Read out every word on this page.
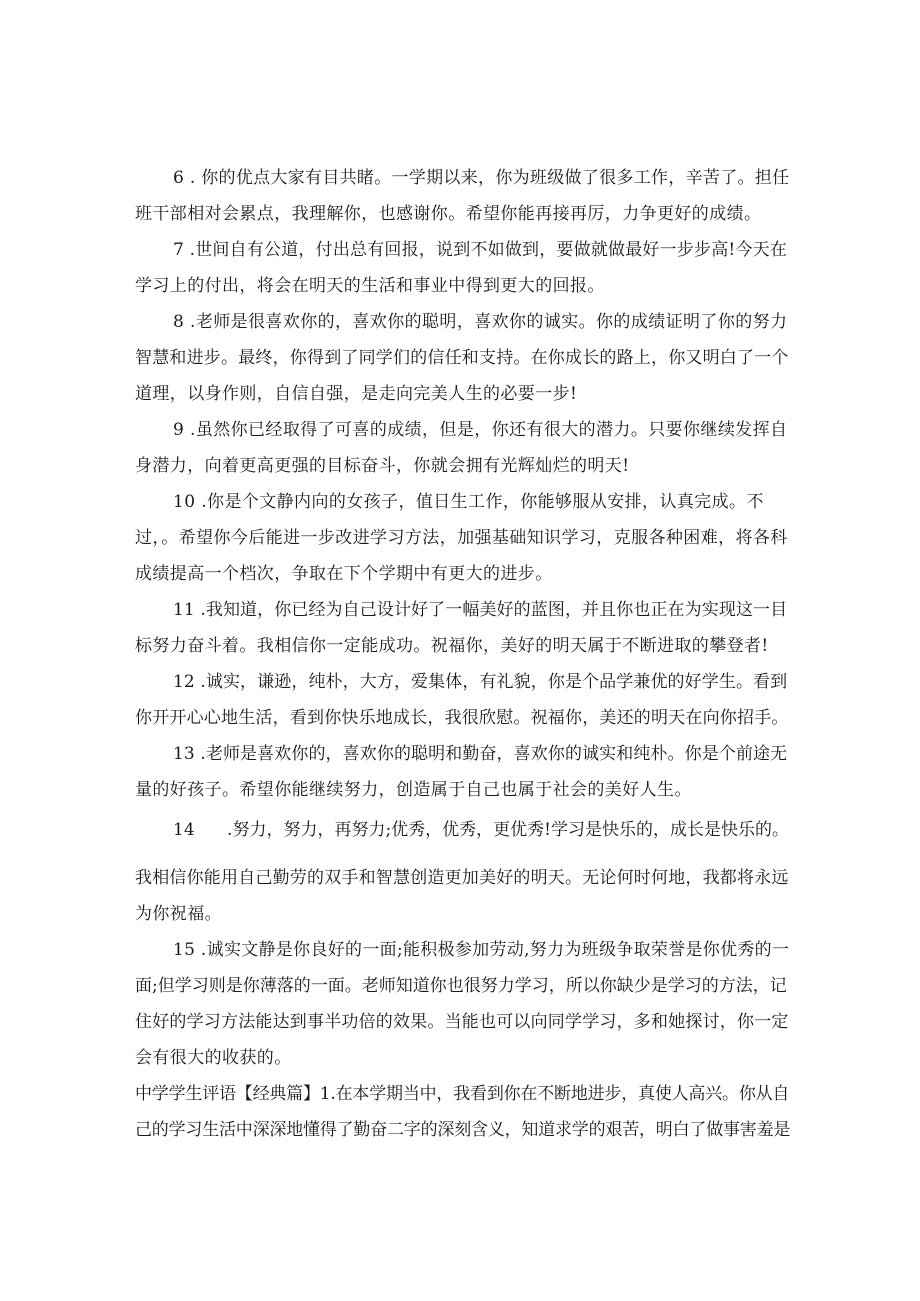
6 . 你的优点大家有目共睹。一学期以来，你为班级做了很多工作，辛苦了。担任
班干部相对会累点，我理解你，也感谢你。希望你能再接再厉，力争更好的成绩。
7 .世间自有公道，付出总有回报，说到不如做到，要做就做最好一步步高!今天在
学习上的付出，将会在明天的生活和事业中得到更大的回报。
8 .老师是很喜欢你的，喜欢你的聪明，喜欢你的诚实。你的成绩证明了你的努力
智慧和进步。最终，你得到了同学们的信任和支持。在你成长的路上，你又明白了一个
道理，以身作则，自信自强，是走向完美人生的必要一步!
9 .虽然你已经取得了可喜的成绩，但是，你还有很大的潜力。只要你继续发挥自
身潜力，向着更高更强的目标奋斗，你就会拥有光辉灿烂的明天!
10 .你是个文静内向的女孩子，值日生工作，你能够服从安排，认真完成。不
过，。希望你今后能进一步改进学习方法，加强基础知识学习，克服各种困难，将各科
成绩提高一个档次，争取在下个学期中有更大的进步。
11 .我知道，你已经为自己设计好了一幅美好的蓝图，并且你也正在为实现这一目
标努力奋斗着。我相信你一定能成功。祝福你，美好的明天属于不断进取的攀登者!
12 .诚实，谦逊，纯朴，大方，爱集体，有礼貌，你是个品学兼优的好学生。看到
你开开心心地生活，看到你快乐地成长，我很欣慰。祝福你，美还的明天在向你招手。
13 .老师是喜欢你的，喜欢你的聪明和勤奋，喜欢你的诚实和纯朴。你是个前途无
量的好孩子。希望你能继续努力，创造属于自己也属于社会的美好人生。
14      .努力，努力，再努力;优秀，优秀，更优秀!学习是快乐的，成长是快乐的。
我相信你能用自己勤劳的双手和智慧创造更加美好的明天。无论何时何地，我都将永远
为你祝福。
15 .诚实文静是你良好的一面;能积极参加劳动,努力为班级争取荣誉是你优秀的一
面;但学习则是你薄落的一面。老师知道你也很努力学习，所以你缺少是学习的方法，记
住好的学习方法能达到事半功倍的效果。当能也可以向同学学习，多和她探讨，你一定
会有很大的收获的。
中学学生评语【经典篇】1.在本学期当中，我看到你在不断地进步，真使人高兴。你从自
己的学习生活中深深地懂得了勤奋二字的深刻含义，知道求学的艰苦，明白了做事害羞是
